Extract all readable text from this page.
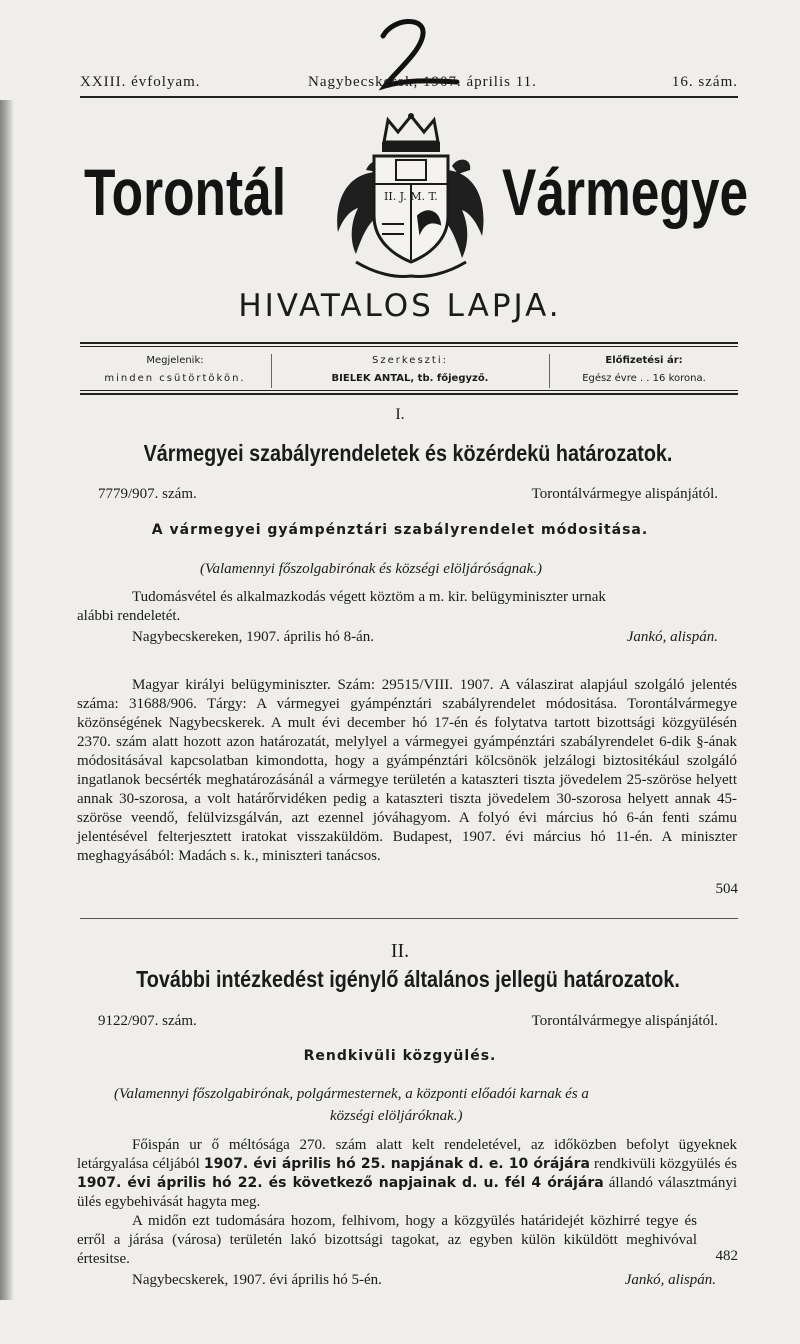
XXIII. évfolyam.	Nagybecskerek, 1907. április 11.	16. szám.
Torontál	II. J. M. T. Vármegye
HIVATALOS LAPJA.
Megjelenik:
minden csütörtökön.
Szerkeszti:
BIELEK ANTAL, tb. főjegyző.
Előfizetési ár:
Egész évre . . 16 korona.
I.
Vármegyei szabályrendeletek és közérdekü határozatok.
7779/907. szám.	Torontálvármegye alispánjától.
A vármegyei gyámpénztári szabályrendelet módositása.
(Valamennyi főszolgabirónak és községi elöljáróságnak.)
Tudomásvétel és alkalmazkodás végett köztöm a m. kir. belügyminiszter urnak
alábbi rendeletét.
Nagybecskereken, 1907. április hó 8-án.	Jankó, alispán.

Magyar királyi belügyminiszter. Szám: 29515/VIII. 1907. A válaszirat alapjául szolgáló jelentés száma: 31688/906. Tárgy: A vármegyei gyámpénztári szabályrendelet módositása. Torontálvármegye közönségének Nagybecskerek. A mult évi december hó 17-én és folytatva tartott bizottsági közgyülésén 2370. szám alatt hozott azon határozatát, melylyel a vármegyei gyámpénztári szabályrendelet 6-dik §-ának módositásával kapcsolatban kimondotta, hogy a gyámpénztári kölcsönök jelzálogi biztositékául szolgáló ingatlanok becsérték meghatározásánál a vármegye területén a kataszteri tiszta jövedelem 25-szöröse helyett annak 30-szorosa, a volt határőrvidéken pedig a kataszteri tiszta jövedelem 30-szorosa helyett annak 45-szöröse veendő, felülvizsgálván, azt ezennel jóváhagyom. A folyó évi március hó 6-án fenti számu jelentésével felterjesztett iratokat visszaküldöm. Budapest, 1907. évi március hó 11-én. A miniszter meghagyásából: Madách s. k., miniszteri tanácsos.

504
II.
További intézkedést igénylő általános jellegü határozatok.
9122/907. szám.	Torontálvármegye alispánjától.
Rendkivüli közgyülés.
(Valamennyi főszolgabirónak, polgármesternek, a központi előadói karnak és a
községi elöljáróknak.)

Főispán ur ő méltósága 270. szám alatt kelt rendeletével, az időközben befolyt ügyeknek letárgyalása céljából 1907. évi április hó 25. napjának d. e. 10 órájára rendkivüli közgyülés és 1907. évi április hó 22. és következő napjainak d. u. fél 4 órájára állandó választmányi ülés egybehivását hagyta meg.

A midőn ezt tudomására hozom, felhivom, hogy a közgyülés határidejét közhirré tegye és erről a járása (városa) területén lakó bizottsági tagokat, az egyben külön kiküldött meghivóval értesitse.	482
Nagybecskerek, 1907. évi április hó 5-én.	Jankó, alispán.
